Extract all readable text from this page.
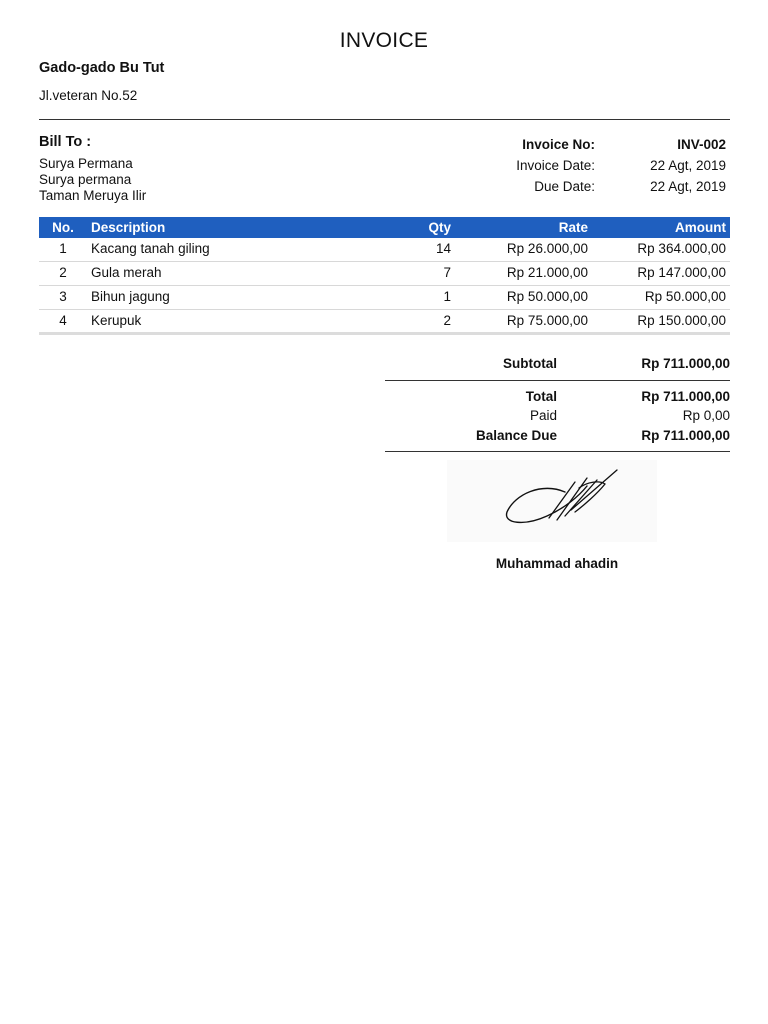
INVOICE
Gado-gado Bu Tut
Jl.veteran No.52
Bill To :
Surya Permana
Surya permana
Taman Meruya Ilir
Invoice No:	INV-002
Invoice Date:	22 Agt, 2019
Due Date:	22 Agt, 2019
No.	Description	Qty	Rate	Amount
1	Kacang tanah giling	14	Rp 26.000,00	Rp 364.000,00
2	Gula merah	7	Rp 21.000,00	Rp 147.000,00
3	Bihun jagung	1	Rp 50.000,00	Rp 50.000,00
4	Kerupuk	2	Rp 75.000,00	Rp 150.000,00
Subtotal	Rp 711.000,00
Total	Rp 711.000,00
Paid	Rp 0,00
Balance Due	Rp 711.000,00
Muhammad ahadin
